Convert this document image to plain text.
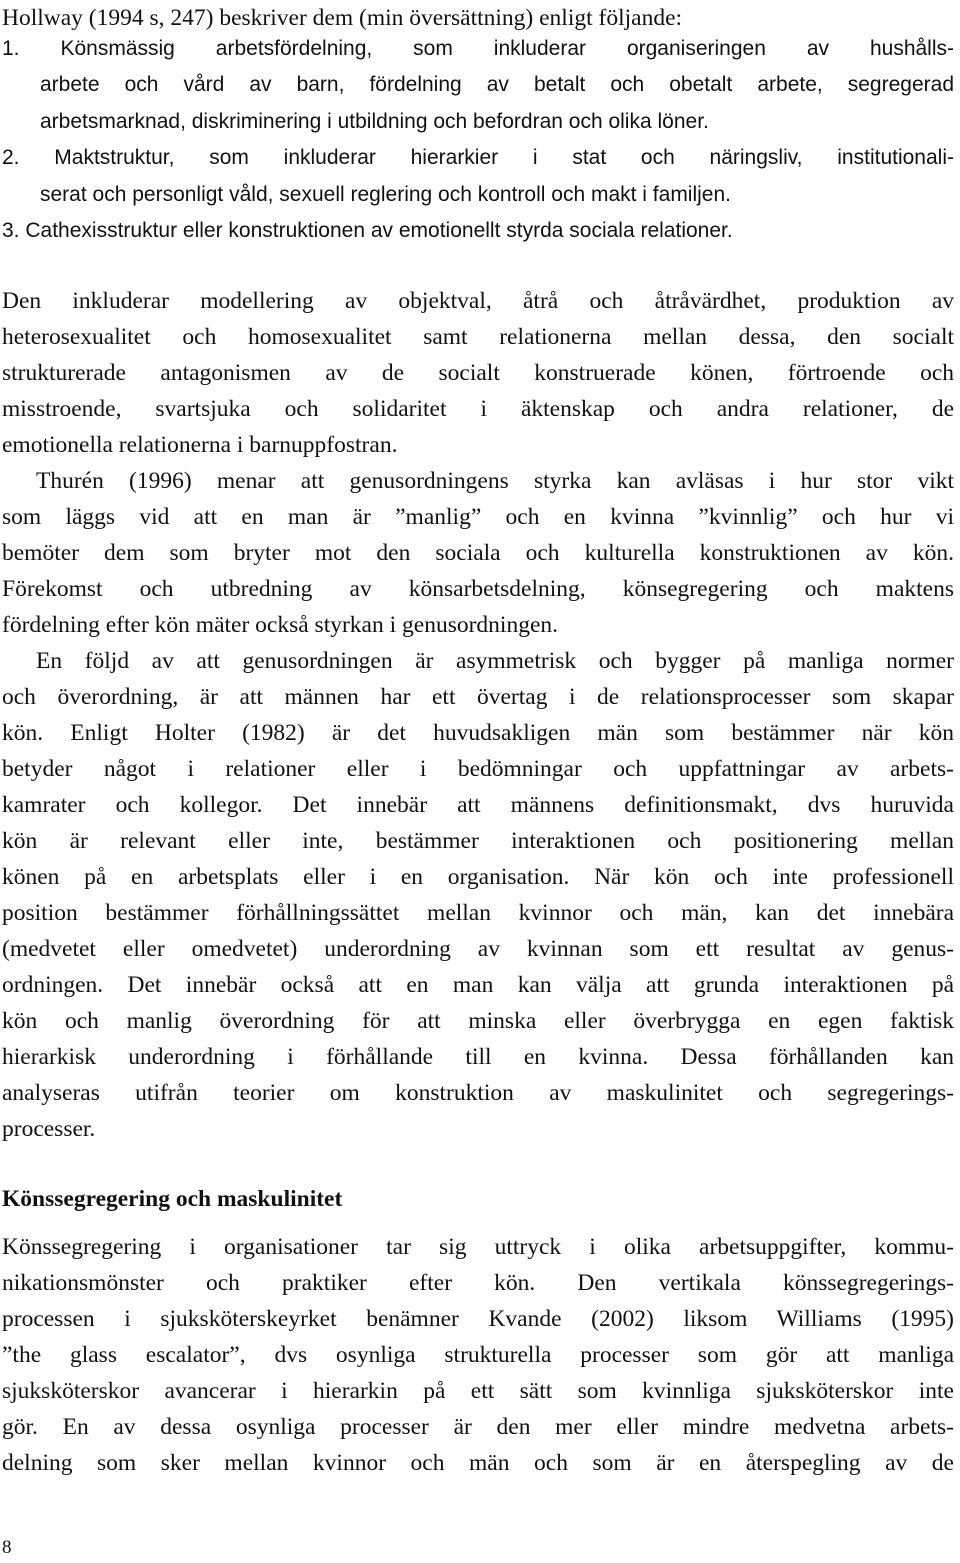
Hollway (1994 s, 247) beskriver dem (min översättning) enligt följande:
1. Könsmässig arbetsfördelning, som inkluderar organiseringen av hushålls-
arbete och vård av barn, fördelning av betalt och obetalt arbete, segregerad
arbetsmarknad, diskriminering i utbildning och befordran och olika löner.
2. Maktstruktur, som inkluderar hierarkier i stat och näringsliv, institutionali-
serat och personligt våld, sexuell reglering och kontroll och makt i familjen.
3. Cathexisstruktur eller konstruktionen av emotionellt styrda sociala relationer.
Den inkluderar modellering av objektval, åtrå och åtråvärdhet, produktion av
heterosexualitet och homosexualitet samt relationerna mellan dessa, den socialt
strukturerade antagonismen av de socialt konstruerade könen, förtroende och
misstroende, svartsjuka och solidaritet i äktenskap och andra relationer, de
emotionella relationerna i barnuppfostran.
Thurén (1996) menar att genusordningens styrka kan avläsas i hur stor vikt
som läggs vid att en man är ”manlig” och en kvinna ”kvinnlig” och hur vi
bemöter dem som bryter mot den sociala och kulturella konstruktionen av kön.
Förekomst och utbredning av könsarbetsdelning, könsegregering och maktens
fördelning efter kön mäter också styrkan i genusordningen.
En följd av att genusordningen är asymmetrisk och bygger på manliga normer
och överordning, är att männen har ett övertag i de relationsprocesser som skapar
kön. Enligt Holter (1982) är det huvudsakligen män som bestämmer när kön
betyder något i relationer eller i bedömningar och uppfattningar av arbets-
kamrater och kollegor. Det innebär att männens definitionsmakt, dvs huruvida
kön är relevant eller inte, bestämmer interaktionen och positionering mellan
könen på en arbetsplats eller i en organisation. När kön och inte professionell
position bestämmer förhållningssättet mellan kvinnor och män, kan det innebära
(medvetet eller omedvetet) underordning av kvinnan som ett resultat av genus-
ordningen. Det innebär också att en man kan välja att grunda interaktionen på
kön och manlig överordning för att minska eller överbrygga en egen faktisk
hierarkisk underordning i förhållande till en kvinna. Dessa förhållanden kan
analyseras utifrån teorier om konstruktion av maskulinitet och segregerings-
processer.
Könssegregering och maskulinitet
Könssegregering i organisationer tar sig uttryck i olika arbetsuppgifter, kommu-
nikationsmönster och praktiker efter kön. Den vertikala könssegregerings-
processen i sjuksköterskeyrket benämner Kvande (2002) liksom Williams (1995)
”the glass escalator”, dvs osynliga strukturella processer som gör att manliga
sjuksköterskor avancerar i hierarkin på ett sätt som kvinnliga sjuksköterskor inte
gör. En av dessa osynliga processer är den mer eller mindre medvetna arbets-
delning som sker mellan kvinnor och män och som är en återspegling av de
8
